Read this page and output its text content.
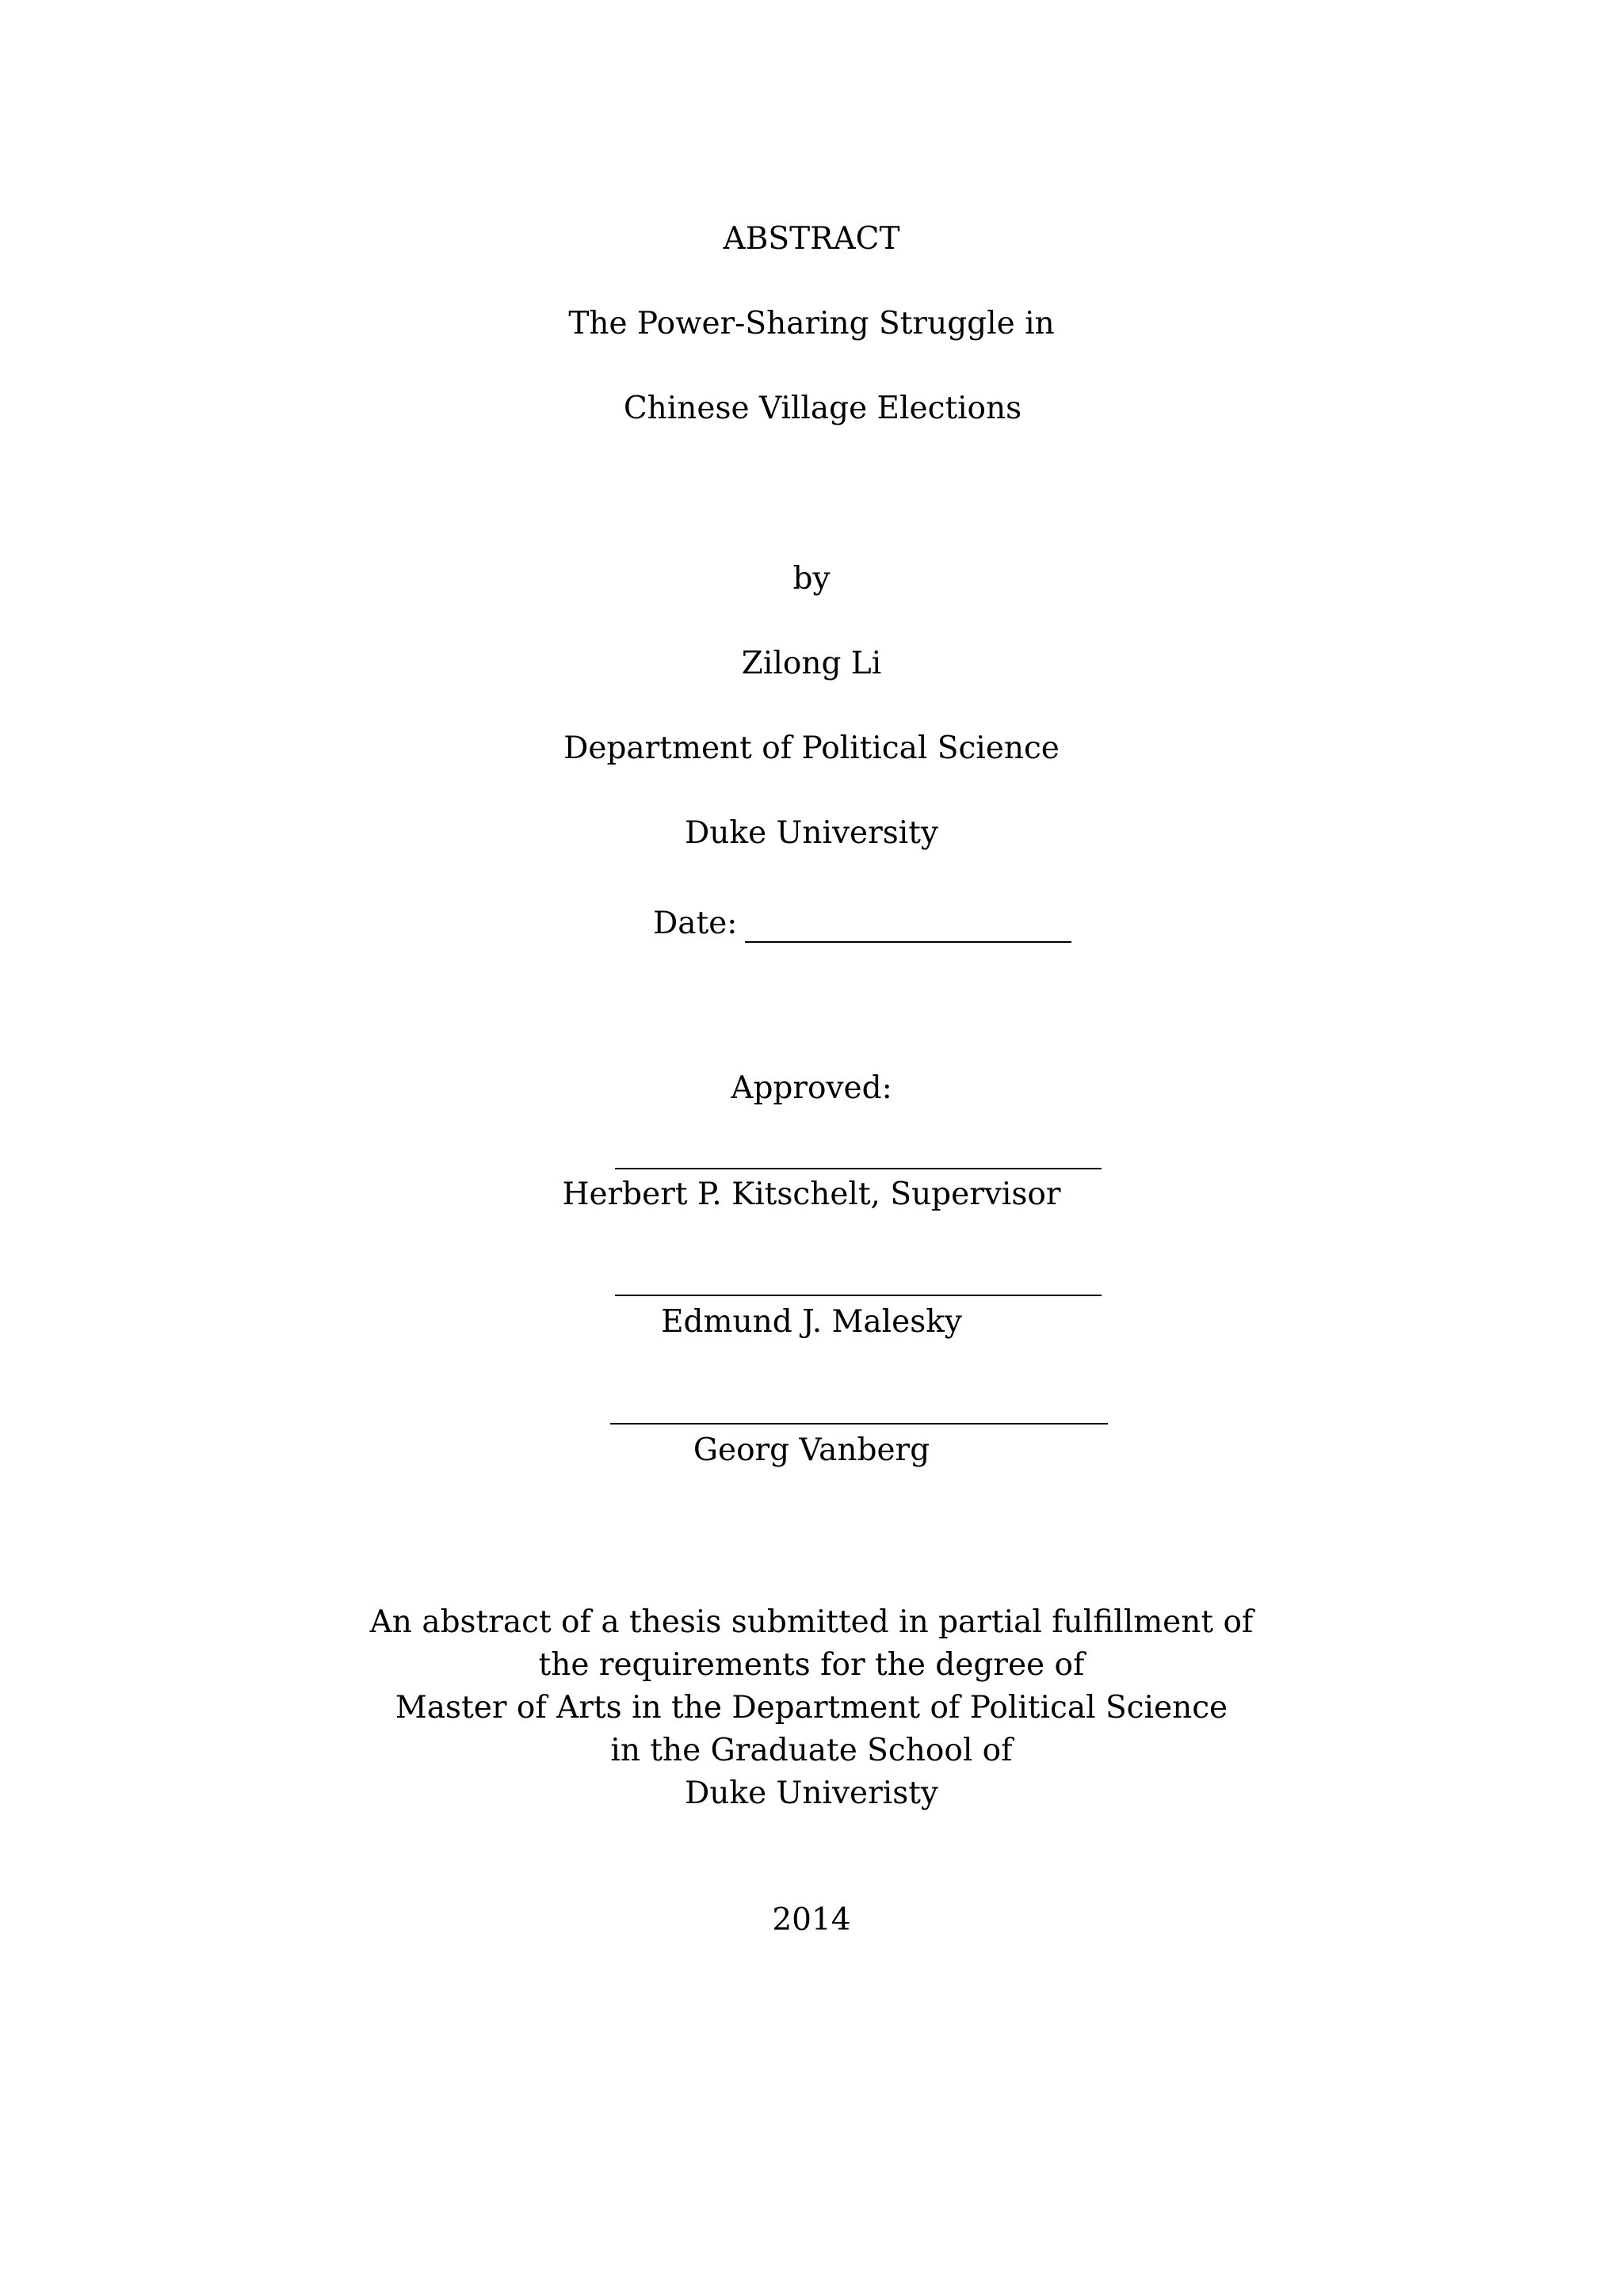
ABSTRACT
The Power-Sharing Struggle in
Chinese Village Elections
by
Zilong Li
Department of Political Science
Duke University
Date:
Approved:
Herbert P. Kitschelt, Supervisor
Edmund J. Malesky
Georg Vanberg
An abstract of a thesis submitted in partial fulfillment of
the requirements for the degree of
Master of Arts in the Department of Political Science
in the Graduate School of
Duke Univeristy
2014
